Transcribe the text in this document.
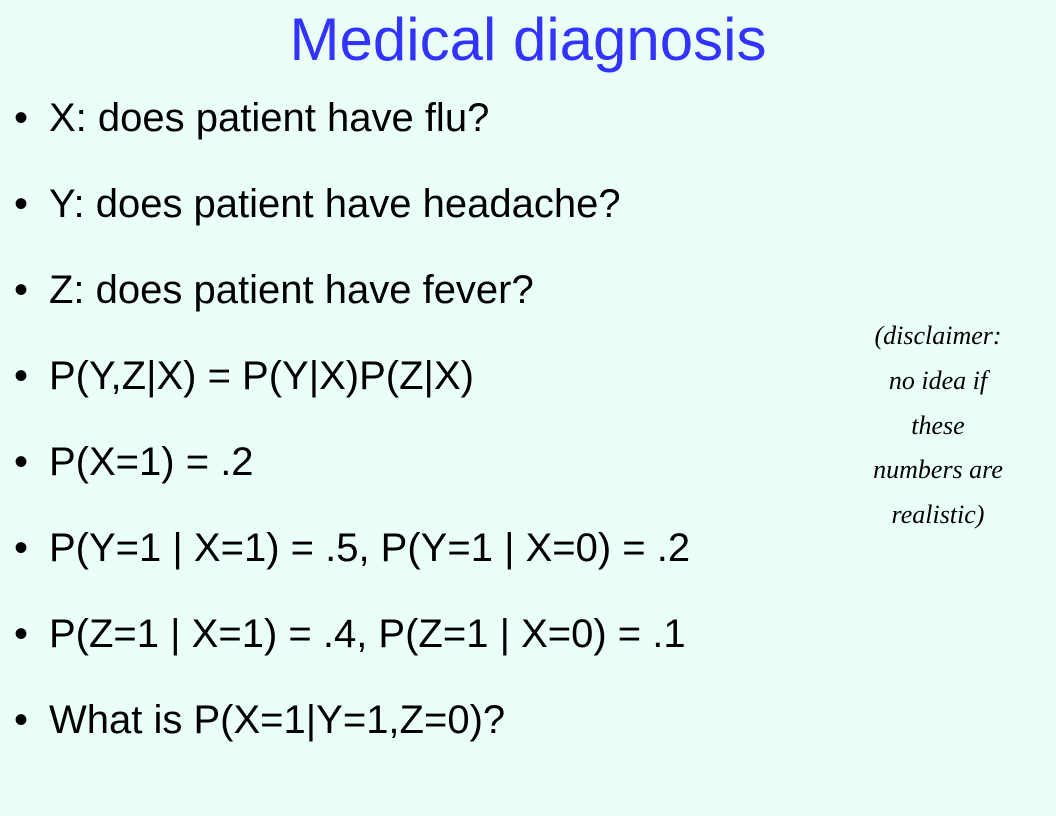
Medical diagnosis
• X: does patient have flu?
• Y: does patient have headache?
• Z: does patient have fever?
• P(Y,Z|X) = P(Y|X)P(Z|X)
• P(X=1) = .2
• P(Y=1 | X=1) = .5, P(Y=1 | X=0) = .2
• P(Z=1 | X=1) = .4, P(Z=1 | X=0) = .1
• What is P(X=1|Y=1,Z=0)?
(disclaimer:
no idea if
these
numbers are
realistic)
